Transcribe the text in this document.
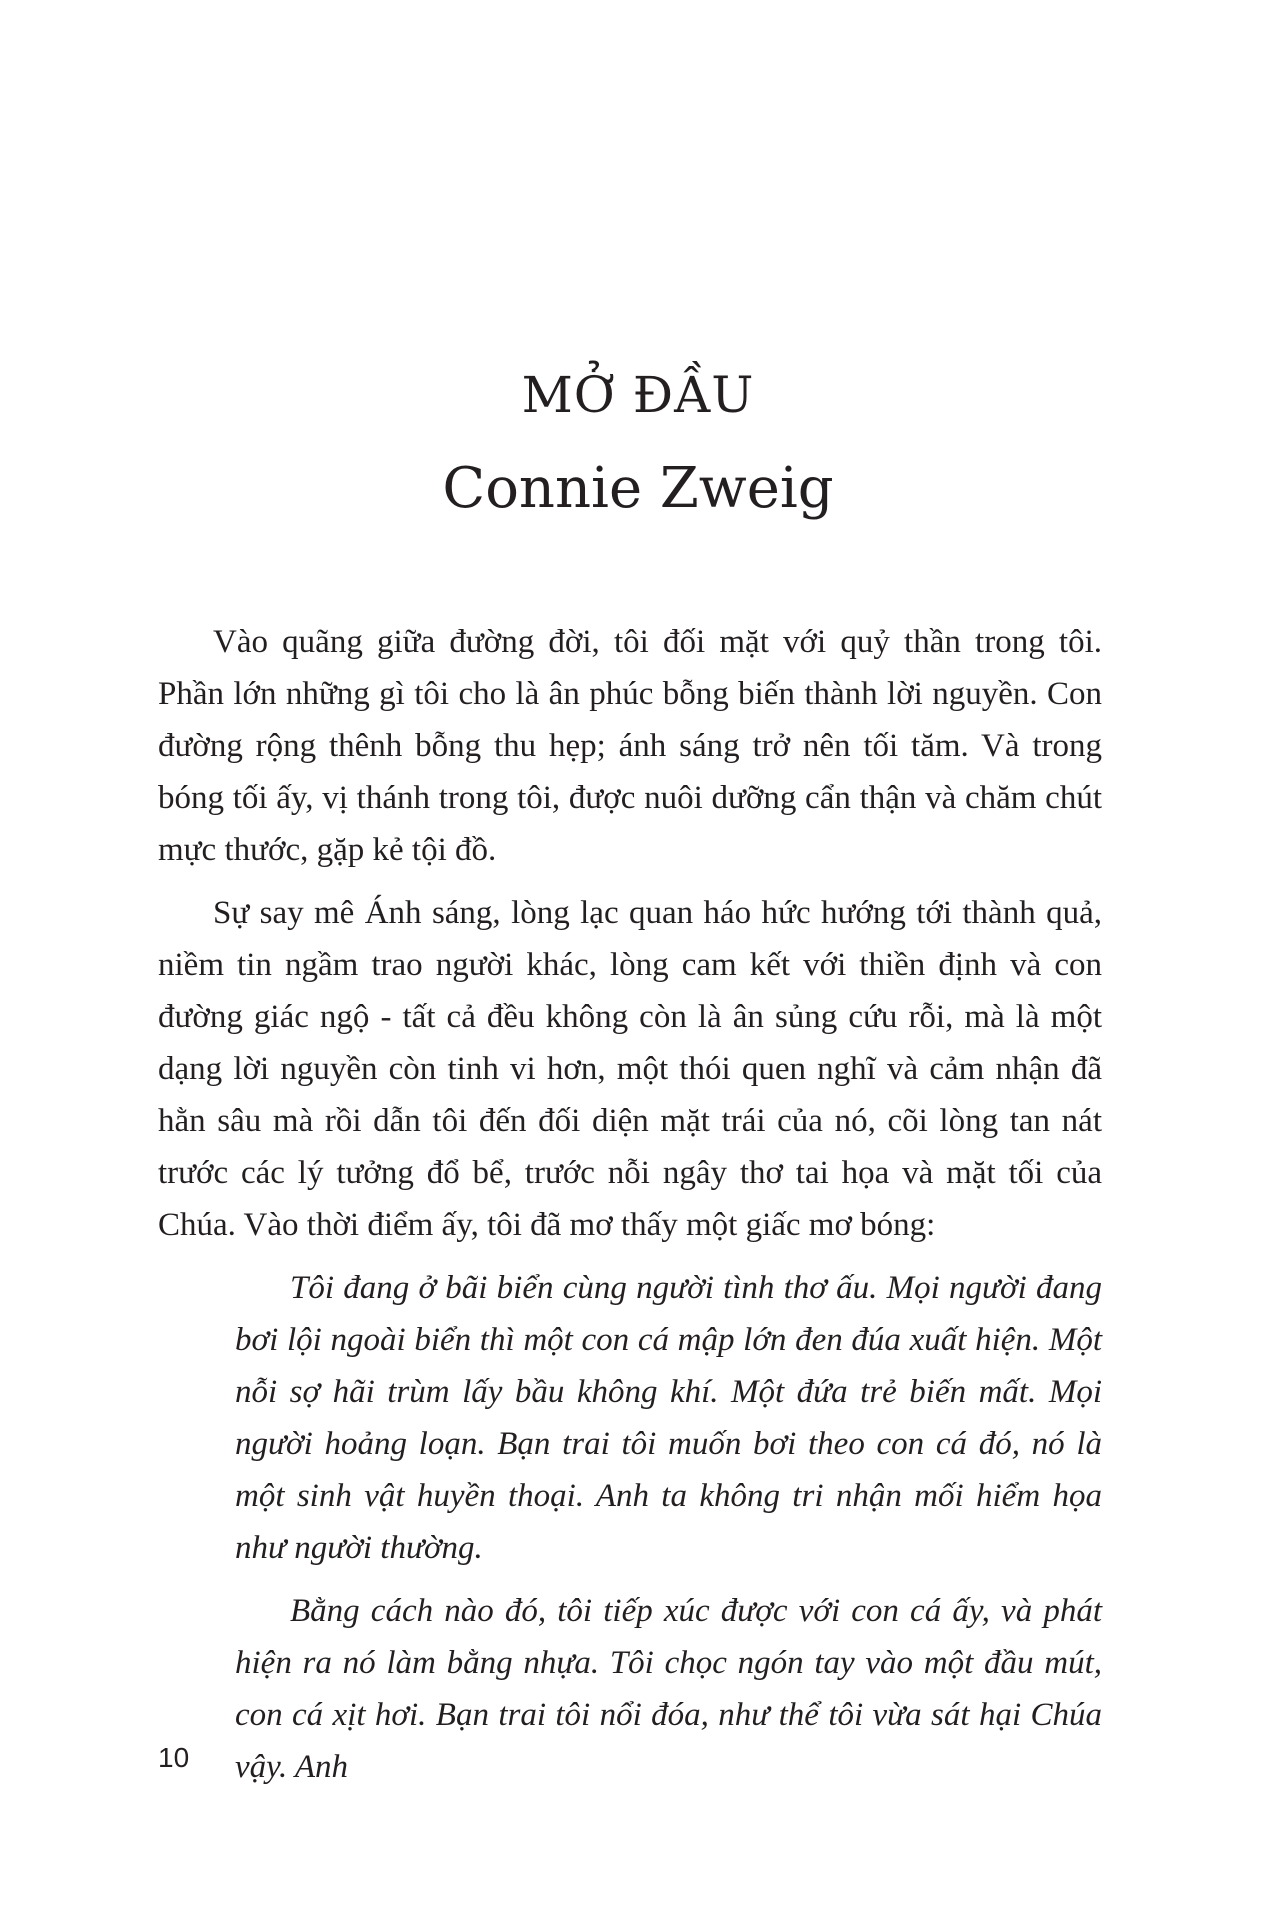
MỞ ĐẦU
Connie Zweig

Vào quãng giữa đường đời, tôi đối mặt với quỷ thần trong tôi. Phần lớn những gì tôi cho là ân phúc bỗng biến thành lời nguyền. Con đường rộng thênh bỗng thu hẹp; ánh sáng trở nên tối tăm. Và trong bóng tối ấy, vị thánh trong tôi, được nuôi dưỡng cẩn thận và chăm chút mực thước, gặp kẻ tội đồ.

Sự say mê Ánh sáng, lòng lạc quan háo hức hướng tới thành quả, niềm tin ngầm trao người khác, lòng cam kết với thiền định và con đường giác ngộ - tất cả đều không còn là ân sủng cứu rỗi, mà là một dạng lời nguyền còn tinh vi hơn, một thói quen nghĩ và cảm nhận đã hằn sâu mà rồi dẫn tôi đến đối diện mặt trái của nó, cõi lòng tan nát trước các lý tưởng đổ bể, trước nỗi ngây thơ tai họa và mặt tối của Chúa. Vào thời điểm ấy, tôi đã mơ thấy một giấc mơ bóng:

Tôi đang ở bãi biển cùng người tình thơ ấu. Mọi người đang bơi lội ngoài biển thì một con cá mập lớn đen đúa xuất hiện. Một nỗi sợ hãi trùm lấy bầu không khí. Một đứa trẻ biến mất. Mọi người hoảng loạn. Bạn trai tôi muốn bơi theo con cá đó, nó là một sinh vật huyền thoại. Anh ta không tri nhận mối hiểm họa như người thường.

Bằng cách nào đó, tôi tiếp xúc được với con cá ấy, và phát hiện ra nó làm bằng nhựa. Tôi chọc ngón tay vào một đầu mút, con cá xịt hơi. Bạn trai tôi nổi đóa, như thể tôi vừa sát hại Chúa vậy. Anh

10
